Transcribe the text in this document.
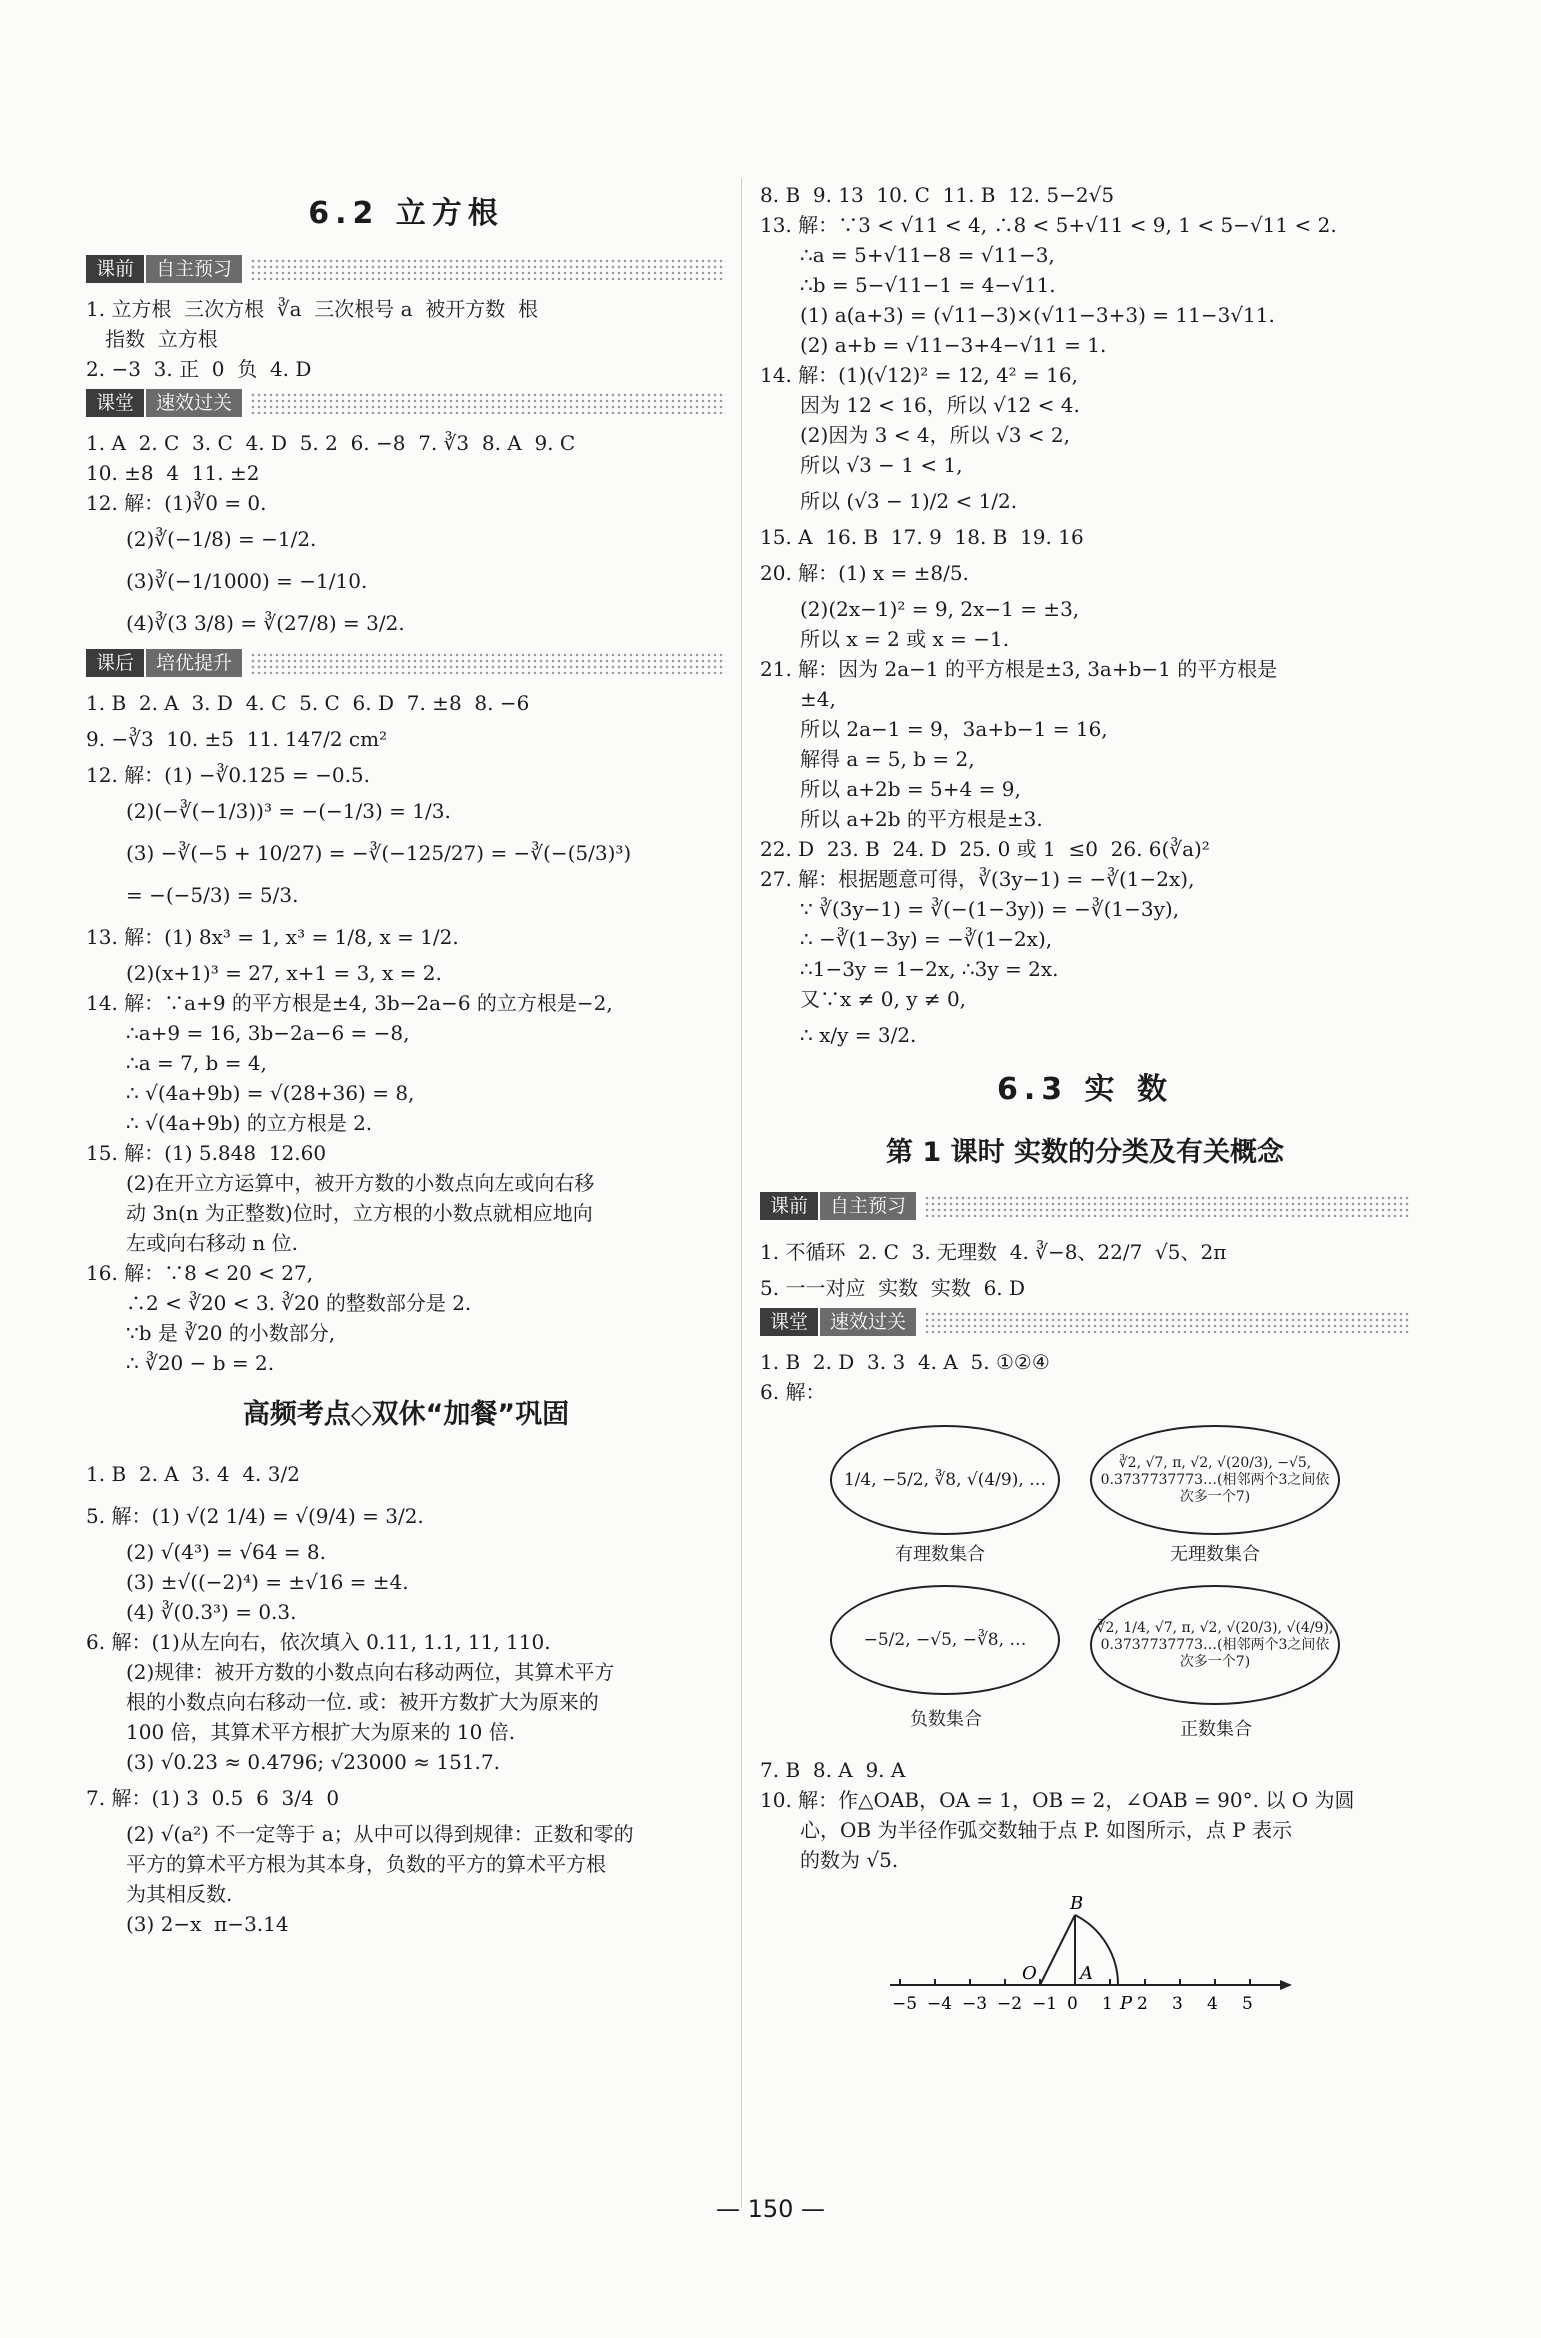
6.2 立方根
课前	自主预习
1. 立方根  三次方根  ∛a  三次根号 a  被开方数  根
指数  立方根
2. −3  3. 正  0  负  4. D
课堂	速效过关
1. A  2. C  3. C  4. D  5. 2  6. −8  7. ∛3  8. A  9. C
10. ±8  4  11. ±2
12. 解：(1)∛0 = 0.
(2)∛(−1/8) = −1/2.
(3)∛(−1/1000) = −1/10.
(4)∛(3 3/8) = ∛(27/8) = 3/2.
课后	培优提升
1. B  2. A  3. D  4. C  5. C  6. D  7. ±8  8. −6
9. −∛3  10. ±5  11. 147/2 cm²
12. 解：(1) −∛0.125 = −0.5.
(2)(−∛(−1/3))³ = −(−1/3) = 1/3.
(3) −∛(−5 + 10/27) = −∛(−125/27) = −∛(−(5/3)³)
= −(−5/3) = 5/3.
13. 解：(1) 8x³ = 1, x³ = 1/8, x = 1/2.
(2)(x+1)³ = 27, x+1 = 3, x = 2.
14. 解：∵a+9 的平方根是±4, 3b−2a−6 的立方根是−2,
∴a+9 = 16, 3b−2a−6 = −8,
∴a = 7, b = 4,
∴ √(4a+9b) = √(28+36) = 8,
∴ √(4a+9b) 的立方根是 2.
15. 解：(1) 5.848  12.60
(2)在开立方运算中，被开方数的小数点向左或向右移
动 3n(n 为正整数)位时，立方根的小数点就相应地向
左或向右移动 n 位.
16. 解：∵8 < 20 < 27,
∴2 < ∛20 < 3. ∛20 的整数部分是 2.
∵b 是 ∛20 的小数部分,
∴ ∛20 − b = 2.
高频考点◇双休“加餐”巩固
1. B  2. A  3. 4  4. 3/2
5. 解：(1) √(2 1/4) = √(9/4) = 3/2.
(2) √(4³) = √64 = 8.
(3) ±√((−2)⁴) = ±√16 = ±4.
(4) ∛(0.3³) = 0.3.
6. 解：(1)从左向右，依次填入 0.11, 1.1, 11, 110.
(2)规律：被开方数的小数点向右移动两位，其算术平方
根的小数点向右移动一位. 或：被开方数扩大为原来的
100 倍，其算术平方根扩大为原来的 10 倍.
(3) √0.23 ≈ 0.4796; √23000 ≈ 151.7.
7. 解：(1) 3  0.5  6  3/4  0
(2) √(a²) 不一定等于 a；从中可以得到规律：正数和零的
平方的算术平方根为其本身，负数的平方的算术平方根
为其相反数.
(3) 2−x  π−3.14
8. B  9. 13  10. C  11. B  12. 5−2√5
13. 解：∵3 < √11 < 4, ∴8 < 5+√11 < 9, 1 < 5−√11 < 2.
∴a = 5+√11−8 = √11−3,
∴b = 5−√11−1 = 4−√11.
(1) a(a+3) = (√11−3)×(√11−3+3) = 11−3√11.
(2) a+b = √11−3+4−√11 = 1.
14. 解：(1)(√12)² = 12, 4² = 16,
因为 12 < 16，所以 √12 < 4.
(2)因为 3 < 4，所以 √3 < 2,
所以 √3 − 1 < 1,
所以 (√3 − 1)/2 < 1/2.
15. A  16. B  17. 9  18. B  19. 16
20. 解：(1) x = ±8/5.
(2)(2x−1)² = 9, 2x−1 = ±3,
所以 x = 2 或 x = −1.
21. 解：因为 2a−1 的平方根是±3, 3a+b−1 的平方根是
±4,
所以 2a−1 = 9，3a+b−1 = 16,
解得 a = 5, b = 2,
所以 a+2b = 5+4 = 9,
所以 a+2b 的平方根是±3.
22. D  23. B  24. D  25. 0 或 1  ≤0  26. 6(∛a)²
27. 解：根据题意可得，∛(3y−1) = −∛(1−2x),
∵ ∛(3y−1) = ∛(−(1−3y)) = −∛(1−3y),
∴ −∛(1−3y) = −∛(1−2x),
∴1−3y = 1−2x, ∴3y = 2x.
又∵x ≠ 0, y ≠ 0,
∴ x/y = 3/2.
6.3 实 数
第 1 课时 实数的分类及有关概念
课前	自主预习
1. 不循环  2. C  3. 无理数  4. ∛−8、22/7  √5、2π
5. 一一对应  实数  实数  6. D
课堂	速效过关
1. B  2. D  3. 3  4. A  5. ①②④
6. 解：
1/4, −5/2, ∛8, √(4/9), …
有理数集合
∛2, √7, π, √2, √(20/3), −√5, 0.3737737773…(相邻两个3之间依次多一个7)
无理数集合
−5/2, −√5, −∛8, …
负数集合
∛2, 1/4, √7, π, √2, √(20/3), √(4/9), 0.3737737773…(相邻两个3之间依次多一个7)
正数集合
7. B  8. A  9. A
10. 解：作△OAB，OA = 1，OB = 2，∠OAB = 90°. 以 O 为圆
心，OB 为半径作弧交数轴于点 P. 如图所示，点 P 表示
的数为 √5.
−5 −4 −3 −2 −1 0 1 2 3 4 5
B
O A
P
— 150 —
